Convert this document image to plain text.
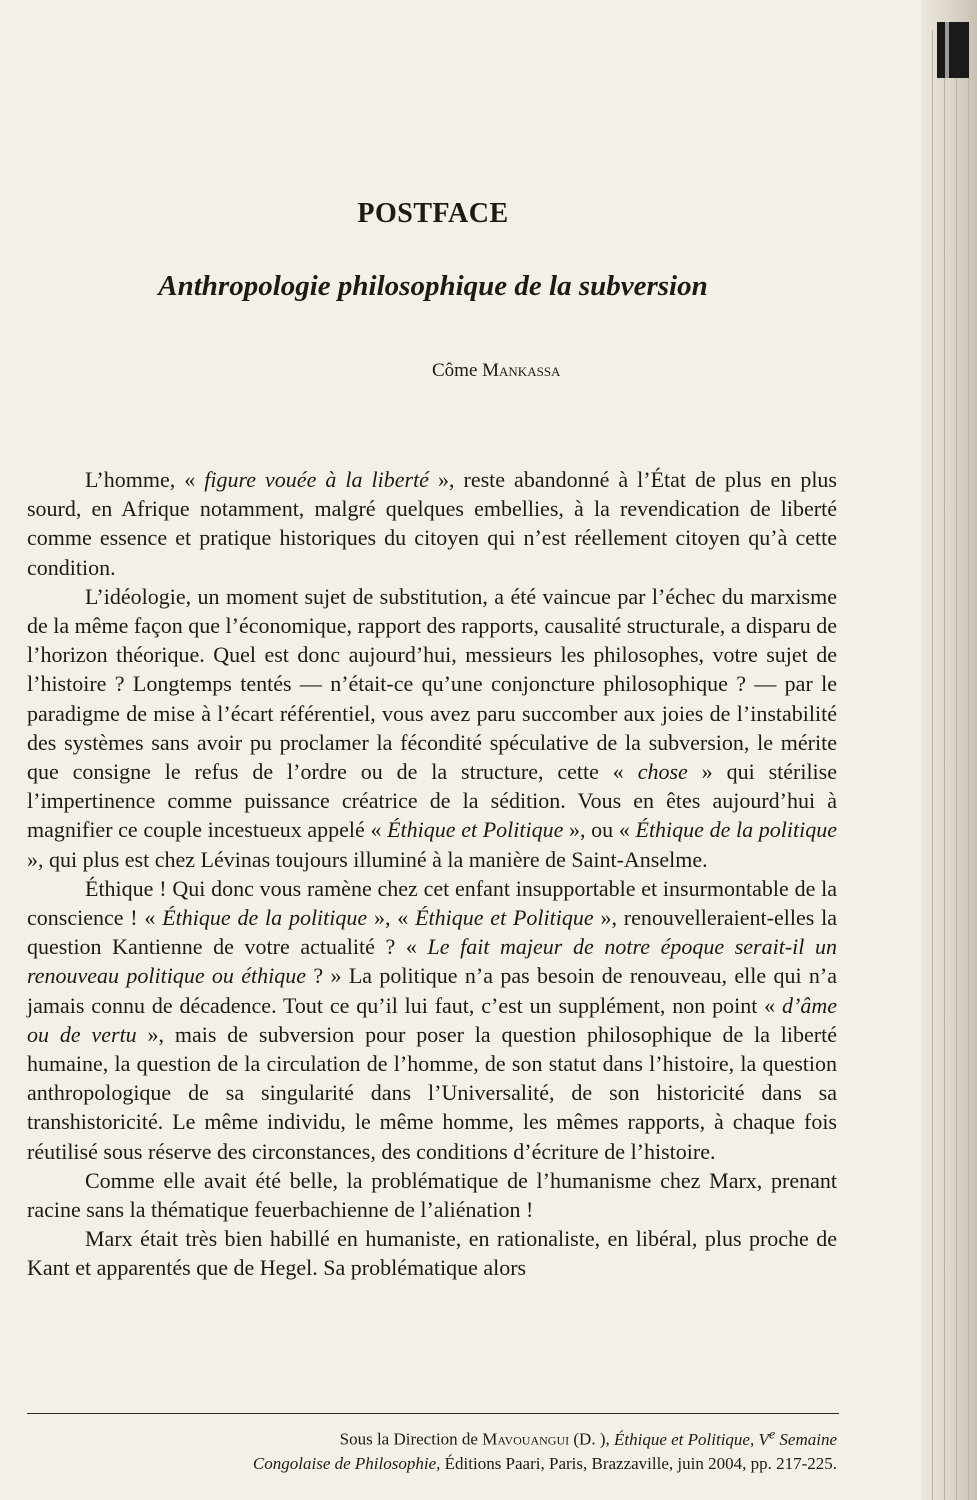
POSTFACE
Anthropologie philosophique de la subversion
Côme Mankassa

L’homme, « figure vouée à la liberté », reste abandonné à l’État de plus en plus sourd, en Afrique notamment, malgré quelques embellies, à la revendication de liberté comme essence et pratique historiques du citoyen qui n’est réellement citoyen qu’à cette condition.

L’idéologie, un moment sujet de substitution, a été vaincue par l’échec du marxisme de la même façon que l’économique, rapport des rapports, causalité structurale, a disparu de l’horizon théorique. Quel est donc aujourd’hui, messieurs les philosophes, votre sujet de l’histoire ? Longtemps tentés — n’était-ce qu’une conjoncture philosophique ? — par le paradigme de mise à l’écart référentiel, vous avez paru succomber aux joies de l’instabilité des systèmes sans avoir pu proclamer la fécondité spéculative de la subversion, le mérite que consigne le refus de l’ordre ou de la structure, cette « chose » qui stérilise l’impertinence comme puissance créatrice de la sédition. Vous en êtes aujourd’hui à magnifier ce couple incestueux appelé « Éthique et Politique », ou « Éthique de la politique », qui plus est chez Lévinas toujours illuminé à la manière de Saint-Anselme.

Éthique ! Qui donc vous ramène chez cet enfant insupportable et insurmontable de la conscience ! « Éthique de la politique », « Éthique et Politique », renouvelleraient-elles la question Kantienne de votre actualité ? « Le fait majeur de notre époque serait-il un renouveau politique ou éthique ? » La politique n’a pas besoin de renouveau, elle qui n’a jamais connu de décadence. Tout ce qu’il lui faut, c’est un supplément, non point « d’âme ou de vertu », mais de subversion pour poser la question philosophique de la liberté humaine, la question de la circulation de l’homme, de son statut dans l’histoire, la question anthropologique de sa singularité dans l’Universalité, de son historicité dans sa transhistoricité. Le même individu, le même homme, les mêmes rapports, à chaque fois réutilisé sous réserve des circonstances, des conditions d’écriture de l’histoire.

Comme elle avait été belle, la problématique de l’humanisme chez Marx, prenant racine sans la thématique feuerbachienne de l’aliénation !

Marx était très bien habillé en humaniste, en rationaliste, en libéral, plus proche de Kant et apparentés que de Hegel. Sa problématique alors

Sous la Direction de Mavouangui (D. ), Éthique et Politique, Ve Semaine
Congolaise de Philosophie, Éditions Paari, Paris, Brazzaville, juin 2004, pp. 217-225.
